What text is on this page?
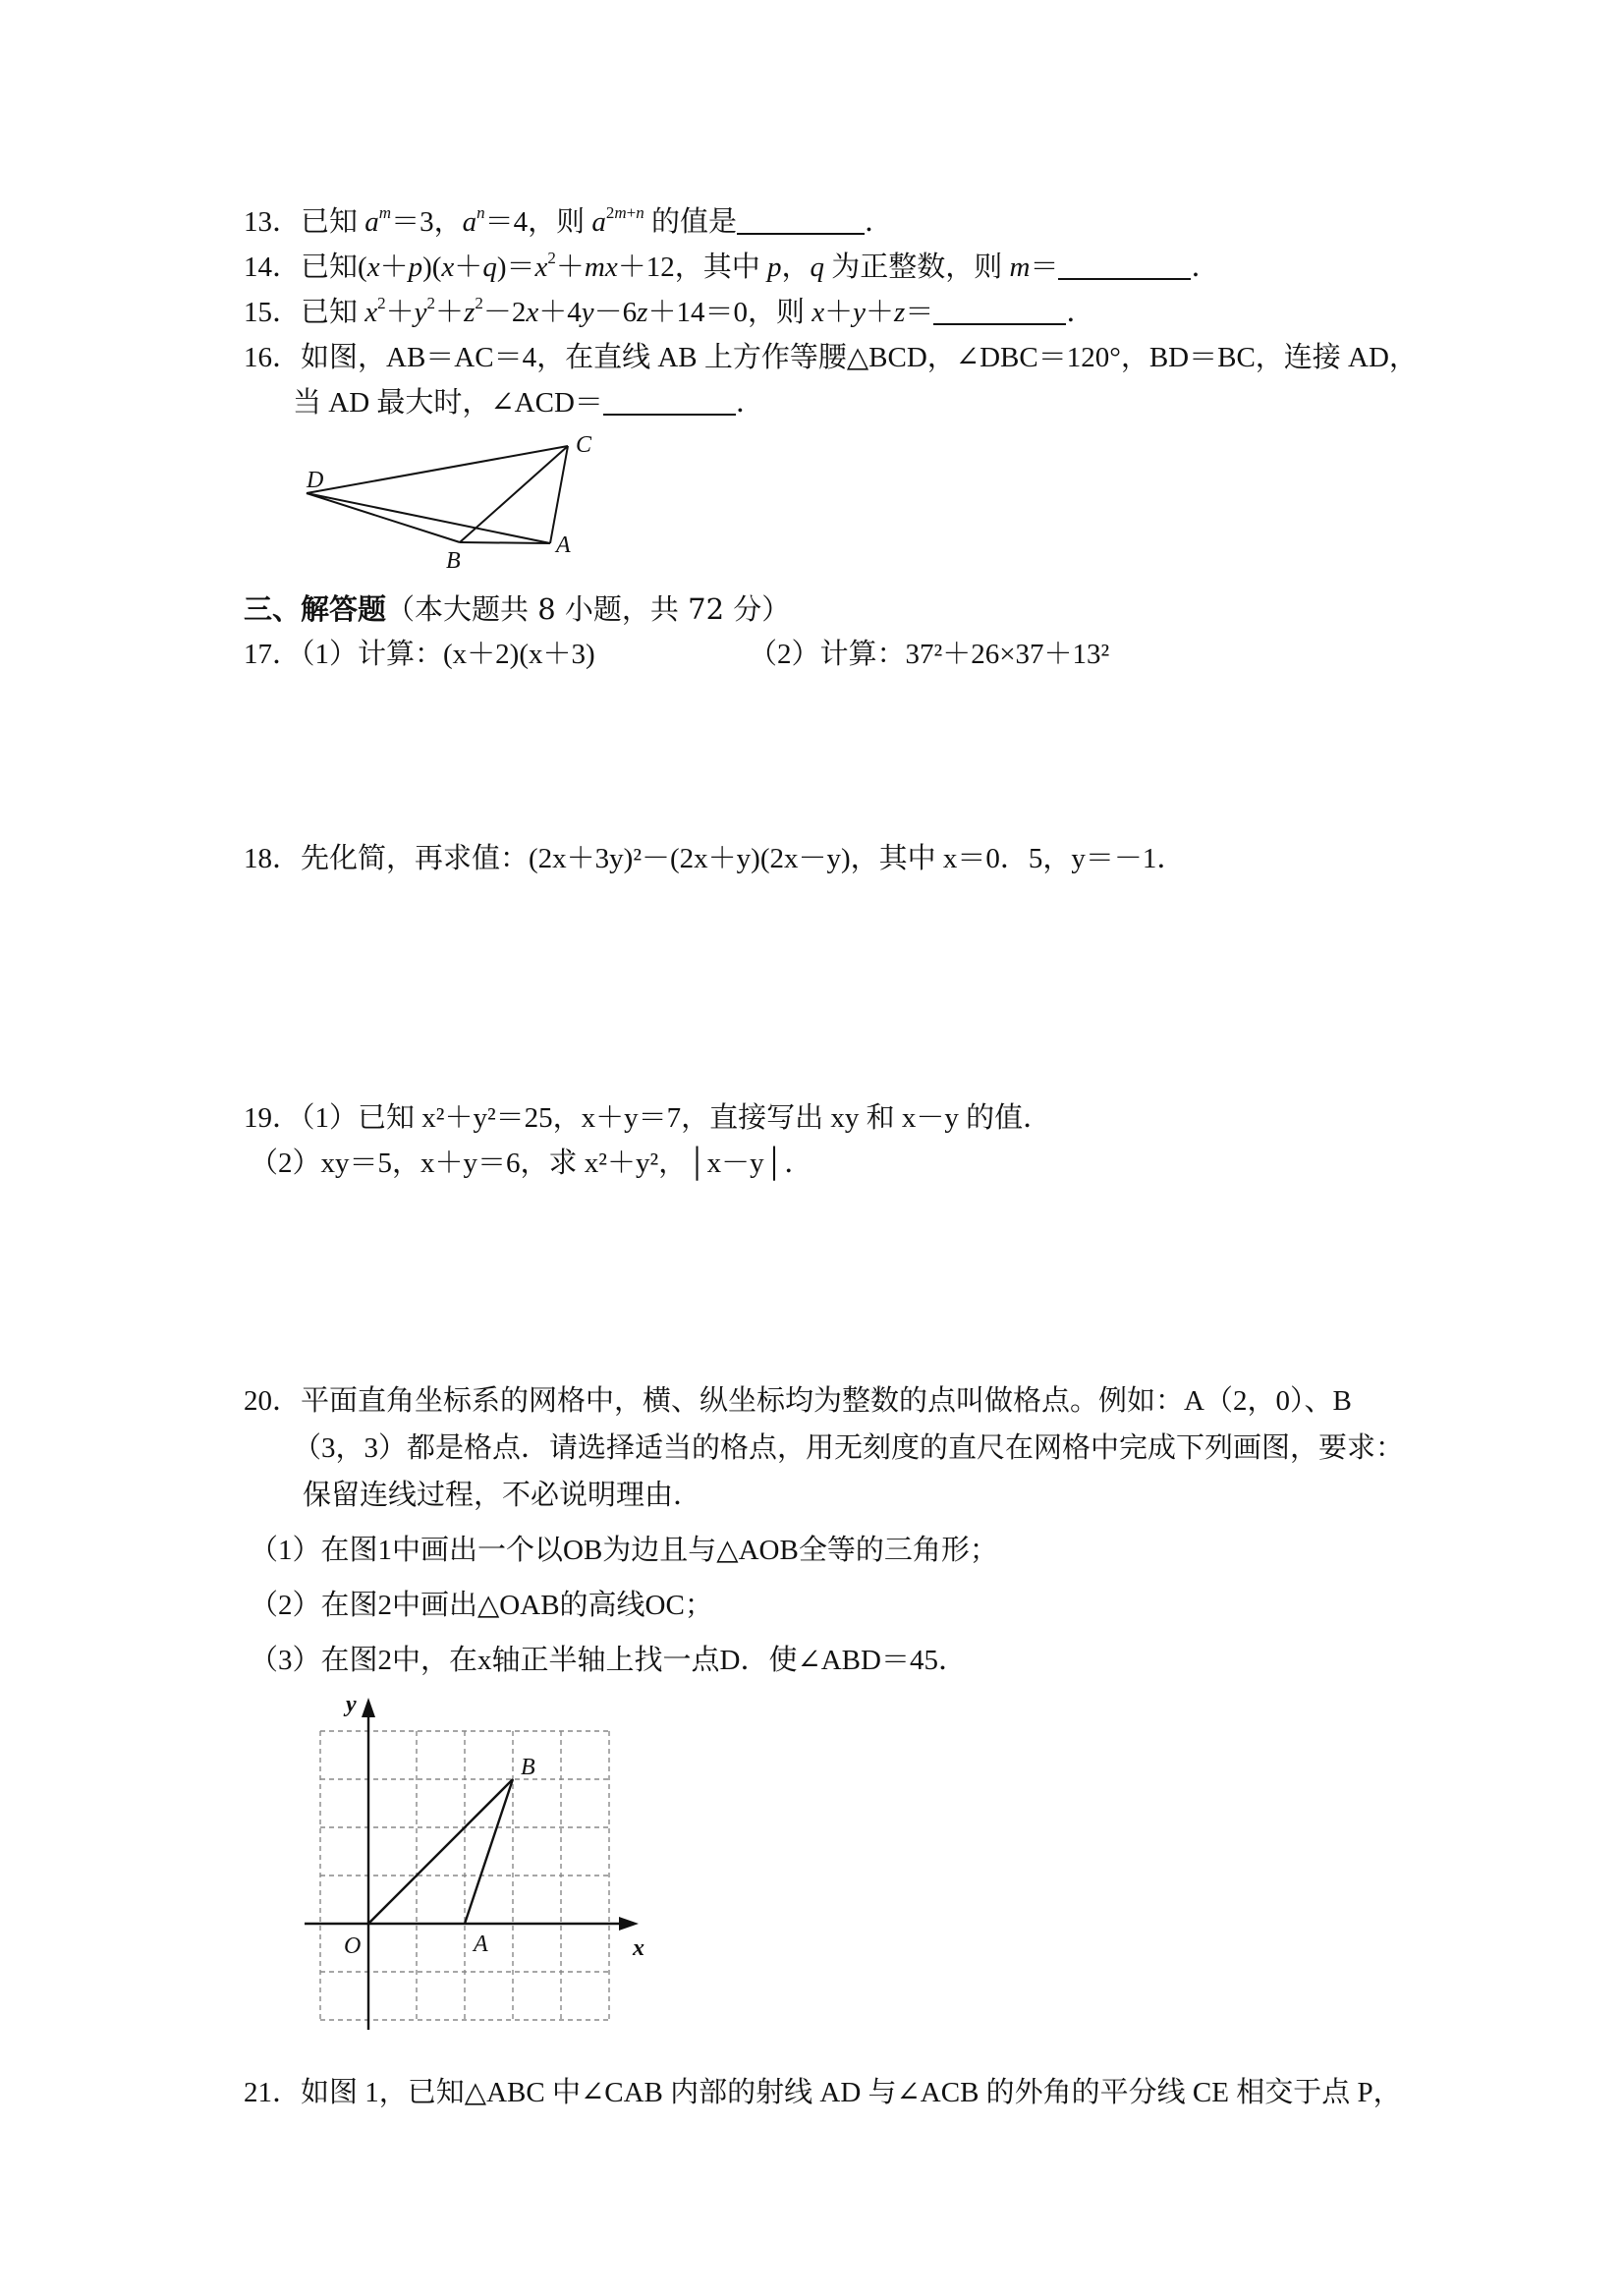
13．已知 $a^m=3$，$a^n=4$，则 $a^{2m+n}$ 的值是	．
14．已知$(x+p)(x+q)=x^2+mx+12$，其中 p，q 为正整数，则 m＝	．
15．已知 $x^2+y^2+z^2-2x+4y-6z+14=0$，则 x＋y＋z＝	．
16．如图，AB＝AC＝4，在直线 AB 上方作等腰△BCD，∠DBC＝120°，BD＝BC，连接 AD，
当 AD 最大时，∠ACD＝	．
D
C
B
A
三、解答题（本大题共 8 小题，共 72 分）
17．（1）计算：(x＋2)(x＋3)	（2）计算：37²＋26×37＋13²
18．先化简，再求值：(2x＋3y)²－(2x＋y)(2x－y)，其中 x＝0．5，y＝－1．
19．（1）已知 x²＋y²＝25，x＋y＝7，直接写出 xy 和 x－y 的值．
（2）xy＝5，x＋y＝6，求 x²＋y²，│x－y│．
20．平面直角坐标系的网格中，横、纵坐标均为整数的点叫做格点。例如：A（2，0）、B
（3，3）都是格点．请选择适当的格点，用无刻度的直尺在网格中完成下列画图，要求：
保留连线过程，不必说明理由．
（1）在图1中画出一个以OB为边且与△AOB全等的三角形；
（2）在图2中画出△OAB的高线OC；
（3）在图2中，在x轴正半轴上找一点D．使∠ABD＝45．
y
x
O	A
B
21．如图 1，已知△ABC 中∠CAB 内部的射线 AD 与∠ACB 的外角的平分线 CE 相交于点 P，
